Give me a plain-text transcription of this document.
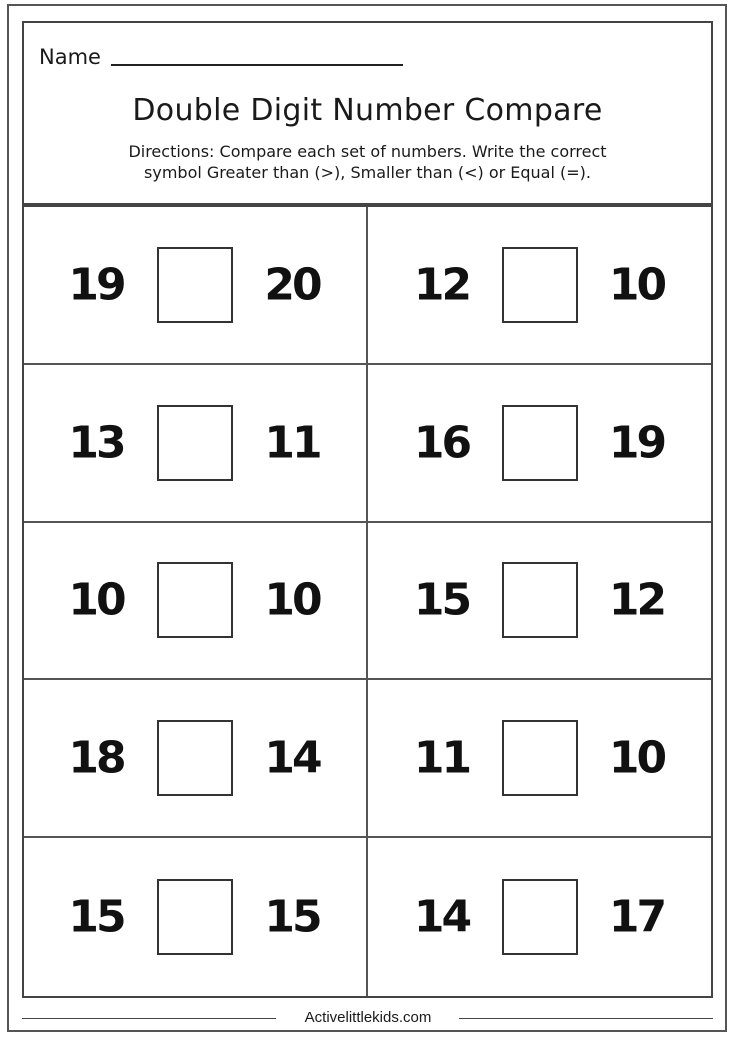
Name
Double Digit Number Compare
Directions: Compare each set of numbers. Write the correct
symbol Greater than (>), Smaller than (<) or Equal (=).
19	20 12	10
13	11 16	19
10	10 15	12
18	14 11	10
15	15 14	17
Activelittlekids.com
